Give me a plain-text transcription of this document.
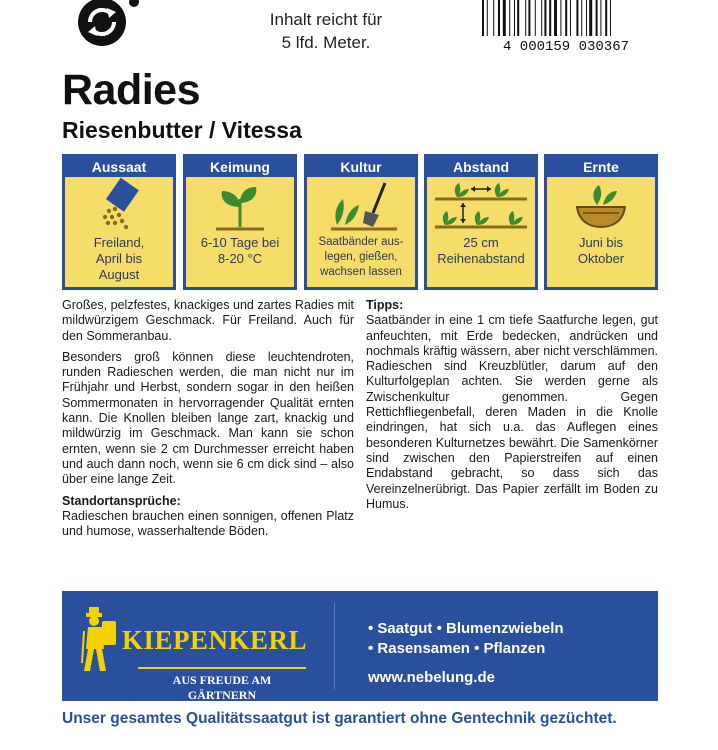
Inhalt reicht für
5 lfd. Meter.	4 000159 030367
Radies
Riesenbutter / Vitessa
Aussaat
Freiland,
April bis
August
Keimung
6-10 Tage bei
8-20 °C
Kultur
Saatbänder aus-
legen, gießen,
wachsen lassen
Abstand
25 cm
Reihenabstand
Ernte
Juni bis
Oktober

Großes, pelzfestes, knackiges und zartes Radies mit mildwürzigem Geschmack. Für Freiland. Auch für den Sommeranbau.

Besonders groß können diese leuchtendroten, runden Radieschen werden, die man nicht nur im Frühjahr und Herbst, sondern sogar in den heißen Sommermonaten in hervorragender Qualität ernten kann. Die Knollen bleiben lange zart, knackig und mildwürzig im Geschmack. Man kann sie schon ernten, wenn sie 2 cm Durchmesser erreicht haben und auch dann noch, wenn sie 6 cm dick sind – also über eine lange Zeit.

Standortansprüche:

Radieschen brauchen einen sonnigen, offenen Platz und humose, wasserhaltende Böden.

Tipps:

Saatbänder in eine 1 cm tiefe Saatfurche legen, gut anfeuchten, mit Erde bedecken, andrücken und nochmals kräftig wässern, aber nicht verschlämmen. Radieschen sind Kreuzblütler, darum auf den Kulturfolgeplan achten. Sie werden gerne als Zwischenkultur genommen. Gegen Rettichfliegenbefall, deren Maden in die Knolle eindringen, hat sich u.a. das Auflegen eines besonderen Kulturnetzes bewährt. Die Samenkörner sind zwischen den Papierstreifen auf einen Endabstand gebracht, so dass sich das Vereinzelnerübrigt. Das Papier zerfällt im Boden zu Humus.

KIEPENKERL
AUS FREUDE AM GÄRTNERN
• Saatgut • Blumenzwiebeln
• Rasensamen • Pflanzen
www.nebelung.de
Unser gesamtes Qualitätssaatgut ist garantiert ohne Gentechnik gezüchtet.
